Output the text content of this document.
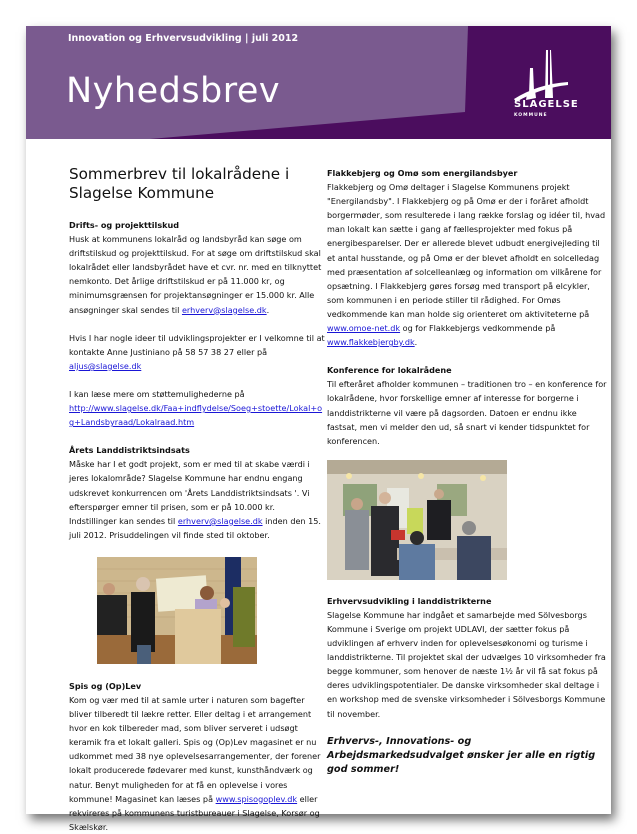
Innovation og Erhvervsudvikling | juli 2012
Nyhedsbrev	SLAGELSE
KOMMUNE
Sommerbrev til lokalrådene i Slagelse Kommune

Drifts- og projekttilskud

Husk at kommunens lokalråd og landsbyråd kan søge om driftstilskud og projekttilskud. For at søge om driftstilskud skal lokalrådet eller landsbyrådet have et cvr. nr. med en tilknyttet nemkonto. Det årlige driftstilskud er på 11.000 kr, og minimumsgrænsen for projektansøgninger er 15.000 kr. Alle ansøgninger skal sendes til erhverv@slagelse.dk.

Hvis I har nogle ideer til udviklingsprojekter er I velkomne til at kontakte Anne Justiniano på 58 57 38 27 eller på aljus@slagelse.dk

I kan læse mere om støttemulighederne på
http://www.slagelse.dk/Faa+indflydelse/Soeg+stoette/Lokal+og+Landsbyraad/Lokalraad.htm

Årets Landdistriktsindsats

Måske har I et godt projekt, som er med til at skabe værdi i jeres lokalområde? Slagelse Kommune har endnu engang udskrevet konkurrencen om 'Årets Landdistriktsindsats '. Vi efterspørger emner til prisen, som er på 10.000 kr. Indstillinger kan sendes til erhverv@slagelse.dk inden den 15. juli 2012. Prisuddelingen vil finde sted til oktober.

Spis og (Op)Lev

Kom og vær med til at samle urter i naturen som bagefter bliver tilberedt til lækre retter. Eller deltag i et arrangement hvor en kok tilbereder mad, som bliver serveret i udsøgt keramik fra et lokalt galleri. Spis og (Op)Lev magasinet er nu udkommet med 38 nye oplevelsesarrangementer, der forener lokalt producerede fødevarer med kunst, kunsthåndværk og natur. Benyt muligheden for at få en oplevelse i vores kommune! Magasinet kan læses på www.spisogoplev.dk eller rekvireres på kommunens turistbureauer i Slagelse, Korsør og Skælskør.

Flakkebjerg og Omø som energilandsbyer

Flakkebjerg og Omø deltager i Slagelse Kommunens projekt "Energilandsby". I Flakkebjerg og på Omø er der i foråret afholdt borgermøder, som resulterede i lang række forslag og idéer til, hvad man lokalt kan sætte i gang af fællesprojekter med fokus på energibesparelser. Der er allerede blevet udbudt energivejleding til et antal husstande, og på Omø er der blevet afholdt en solcelledag med præsentation af solcelleanlæg og information om vilkårene for opsætning. I Flakkebjerg gøres forsøg med transport på elcykler, som kommunen i en periode stiller til rådighed. For Omøs vedkommende kan man holde sig orienteret om aktiviteterne på www.omoe-net.dk og for Flakkebjergs vedkommende på www.flakkebjergby.dk.

Konference for lokalrådene

Til efteråret afholder kommunen – traditionen tro – en konference for lokalrådene, hvor forskellige emner af interesse for borgerne i landdistrikterne vil være på dagsorden. Datoen er endnu ikke fastsat, men vi melder den ud, så snart vi kender tidspunktet for konferencen.

Erhvervsudvikling i landdistrikterne

Slagelse Kommune har indgået et samarbejde med Sölvesborgs Kommune i Sverige om projekt UDLAVI, der sætter fokus på udviklingen af erhverv inden for oplevelsesøkonomi og turisme i landdistrikterne. Til projektet skal der udvælges 10 virksomheder fra begge kommuner, som henover de næste 1½ år vil få sat fokus på deres udviklingspotentialer. De danske virksomheder skal deltage i en workshop med de svenske virksomheder i Sölvesborgs Kommune til november.

Erhvervs-, Innovations- og Arbejdsmarkedsudvalget ønsker jer alle en rigtig god sommer!
